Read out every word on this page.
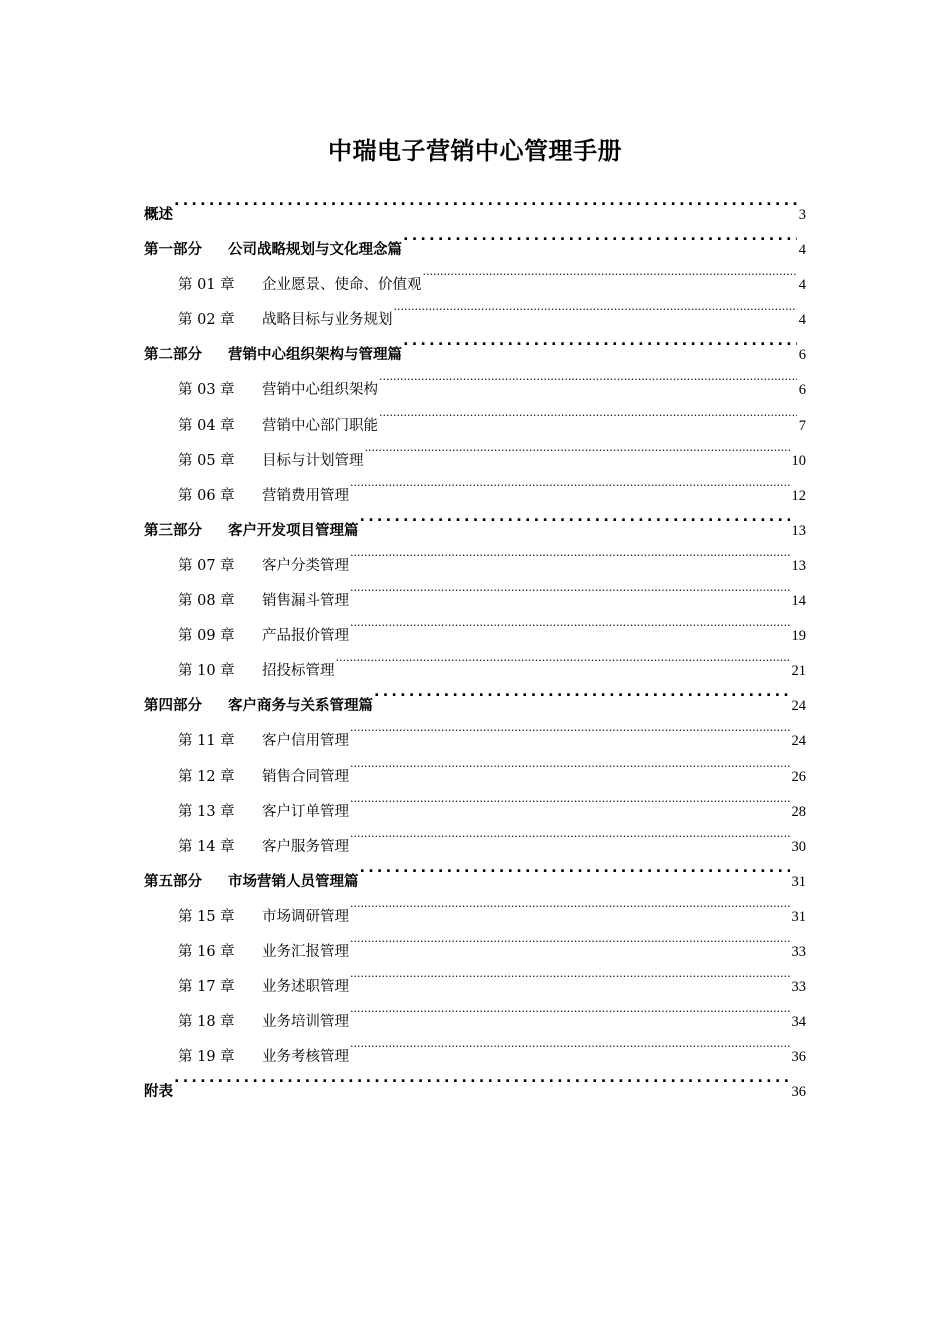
中瑞电子营销中心管理手册
概述 .....	3
第一部分	公司战略规划与文化理念篇 .....	4
第 01 章	企业愿景、使命、价值观 .....	4
第 02 章	战略目标与业务规划 .....	4
第二部分	营销中心组织架构与管理篇 .....	6
第 03 章	营销中心组织架构 .....	6
第 04 章	营销中心部门职能 .....	7
第 05 章	目标与计划管理 .....	10
第 06 章	营销费用管理 .....	12
第三部分	客户开发项目管理篇 .....	13
第 07 章	客户分类管理 .....	13
第 08 章	销售漏斗管理 .....	14
第 09 章	产品报价管理 .....	19
第 10 章	招投标管理 .....	21
第四部分	客户商务与关系管理篇 .....	24
第 11 章	客户信用管理 .....	24
第 12 章	销售合同管理 .....	26
第 13 章	客户订单管理 .....	28
第 14 章	客户服务管理 .....	30
第五部分	市场营销人员管理篇 .....	31
第 15 章	市场调研管理 .....	31
第 16 章	业务汇报管理 .....	33
第 17 章	业务述职管理 .....	33
第 18 章	业务培训管理 .....	34
第 19 章	业务考核管理 .....	36
附表 .....	36
